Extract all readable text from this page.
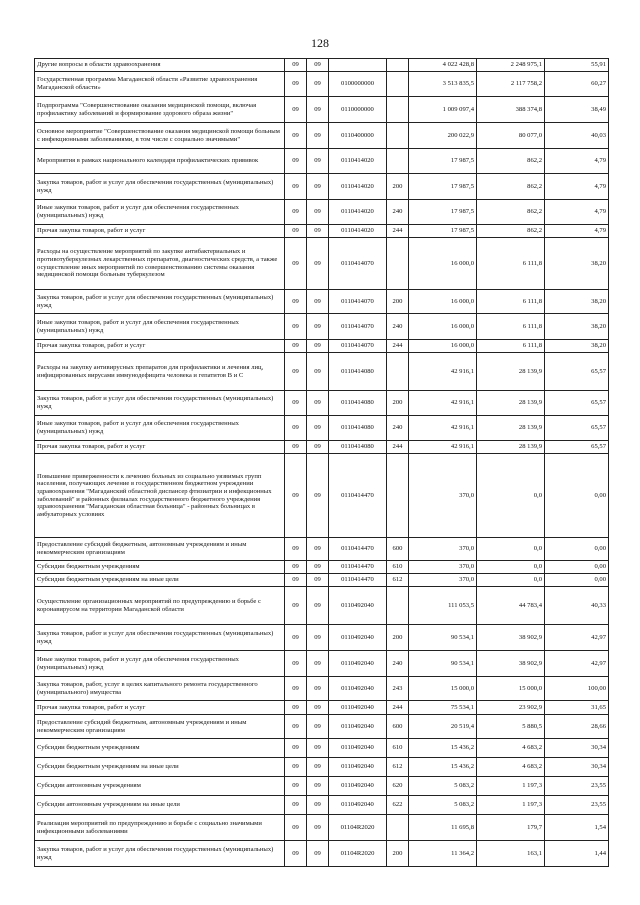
128
Другие вопросы в области здравоохранения	09	09			4 022 428,8	2 248 975,1	55,91
Государственная программа Магаданской области «Развитие здравоохранения Магаданской области»	09	09	0100000000		3 513 835,5	2 117 758,2	60,27
Подпрограмма "Совершенствование оказания медицинской помощи, включая профилактику заболеваний и формирование здорового образа жизни"	09	09	0110000000		1 009 097,4	388 374,8	38,49
Основное мероприятие "Совершенствование оказания медицинской помощи больным с инфекционными заболеваниями, в том числе с социально значимыми"	09	09	0110400000		200 022,9	80 077,0	40,03
Мероприятия в рамках национального календаря профилактических прививок	09	09	0110414020		17 987,5	862,2	4,79
Закупка товаров, работ и услуг для обеспечения государственных (муниципальных) нужд	09	09	0110414020	200	17 987,5	862,2	4,79
Иные закупки товаров, работ и услуг для обеспечения государственных (муниципальных) нужд	09	09	0110414020	240	17 987,5	862,2	4,79
Прочая закупка товаров, работ и услуг	09	09	0110414020	244	17 987,5	862,2	4,79
Расходы на осуществление мероприятий по закупке антибактериальных и противотуберкулезных лекарственных препаратов, диагностических средств, а также осуществление иных мероприятий по совершенствованию системы оказания медицинской помощи больным туберкулезом	09	09	0110414070		16 000,0	6 111,8	38,20
Закупка товаров, работ и услуг для обеспечения государственных (муниципальных) нужд	09	09	0110414070	200	16 000,0	6 111,8	38,20
Иные закупки товаров, работ и услуг для обеспечения государственных (муниципальных) нужд	09	09	0110414070	240	16 000,0	6 111,8	38,20
Прочая закупка товаров, работ и услуг	09	09	0110414070	244	16 000,0	6 111,8	38,20
Расходы на закупку антивирусных препаратов для профилактики и лечения лиц, инфицированных вирусами иммунодефицита человека и гепатитов В и С	09	09	0110414080		42 916,1	28 139,9	65,57
Закупка товаров, работ и услуг для обеспечения государственных (муниципальных) нужд	09	09	0110414080	200	42 916,1	28 139,9	65,57
Иные закупки товаров, работ и услуг для обеспечения государственных (муниципальных) нужд	09	09	0110414080	240	42 916,1	28 139,9	65,57
Прочая закупка товаров, работ и услуг	09	09	0110414080	244	42 916,1	28 139,9	65,57
Повышение приверженности к лечению больных из социально уязвимых групп населения, получающих лечение в государственном бюджетном учреждении здравоохранения "Магаданский областной диспансер фтизиатрии и инфекционных заболеваний" и районных филиалах государственного бюджетного учреждения здравоохранения "Магаданская областная больница" - районных больницах в амбулаторных условиях	09	09	0110414470		370,0	0,0	0,00
Предоставление субсидий бюджетным, автономным учреждениям и иным некоммерческим организациям	09	09	0110414470	600	370,0	0,0	0,00
Субсидии бюджетным учреждениям	09	09	0110414470	610	370,0	0,0	0,00
Субсидии бюджетным учреждениям на иные цели	09	09	0110414470	612	370,0	0,0	0,00
Осуществление организационных мероприятий по предупреждению и борьбе с коронавирусом на территории Магаданской области	09	09	0110492040		111 053,5	44 783,4	40,33
Закупка товаров, работ и услуг для обеспечения государственных (муниципальных) нужд	09	09	0110492040	200	90 534,1	38 902,9	42,97
Иные закупки товаров, работ и услуг для обеспечения государственных (муниципальных) нужд	09	09	0110492040	240	90 534,1	38 902,9	42,97
Закупка товаров, работ, услуг в целях капитального ремонта государственного (муниципального) имущества	09	09	0110492040	243	15 000,0	15 000,0	100,00
Прочая закупка товаров, работ и услуг	09	09	0110492040	244	75 534,1	23 902,9	31,65
Предоставление субсидий бюджетным, автономным учреждениям и иным некоммерческим организациям	09	09	0110492040	600	20 519,4	5 880,5	28,66
Субсидии бюджетным учреждениям	09	09	0110492040	610	15 436,2	4 683,2	30,34
Субсидии бюджетным учреждениям на иные цели	09	09	0110492040	612	15 436,2	4 683,2	30,34
Субсидии автономным учреждениям	09	09	0110492040	620	5 083,2	1 197,3	23,55
Субсидии автономным учреждениям на иные цели	09	09	0110492040	622	5 083,2	1 197,3	23,55
Реализация мероприятий по предупреждению и борьбе с социально значимыми инфекционными заболеваниями	09	09	01104R2020		11 695,8	179,7	1,54
Закупка товаров, работ и услуг для обеспечения государственных (муниципальных) нужд	09	09	01104R2020	200	11 364,2	163,1	1,44
